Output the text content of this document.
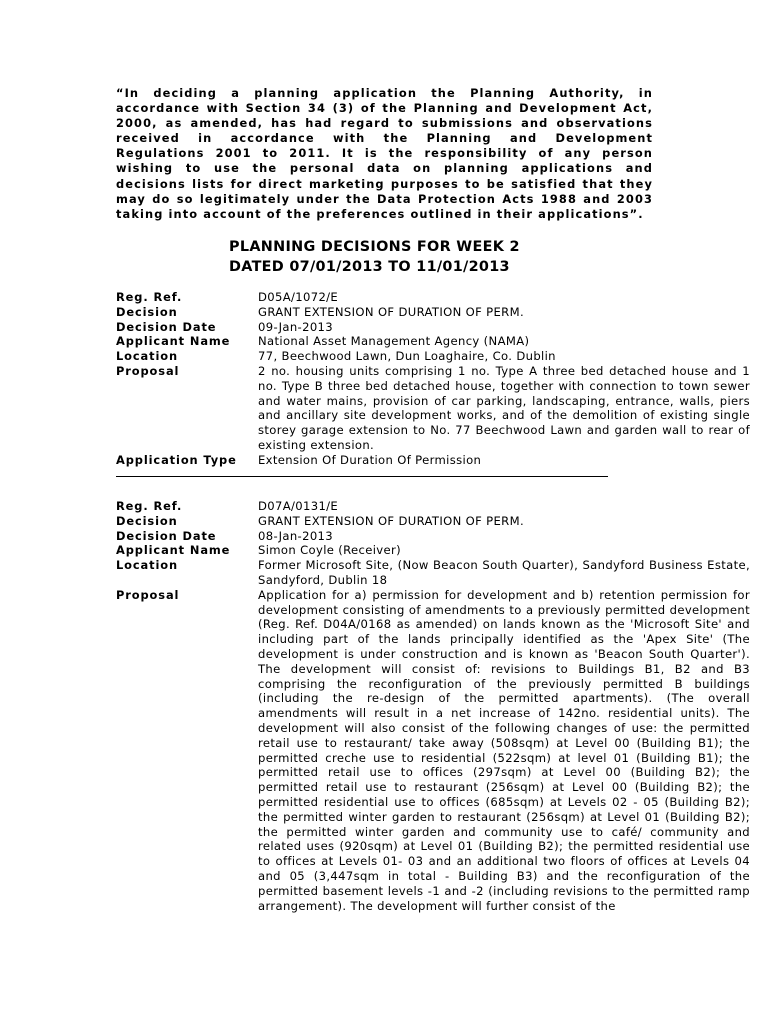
“In deciding a planning application the Planning Authority, in accordance with Section 34 (3) of the Planning and Development Act, 2000, as amended, has had regard to submissions and observations received in accordance with the Planning and Development Regulations 2001 to 2011. It is the responsibility of any person wishing to use the personal data on planning applications and decisions lists for direct marketing purposes to be satisfied that they may do so legitimately under the Data Protection Acts 1988 and 2003 taking into account of the preferences outlined in their applications”.

PLANNING DECISIONS FOR WEEK 2
DATED 07/01/2013 TO 11/01/2013
Reg. Ref.	D05A/1072/E
Decision	GRANT EXTENSION OF DURATION OF PERM.
Decision Date	09-Jan-2013
Applicant Name	National Asset Management Agency (NAMA)
Location	77, Beechwood Lawn, Dun Loaghaire, Co. Dublin
Proposal	2 no. housing units comprising 1 no. Type A three bed detached house and 1 no. Type B three bed detached house, together with connection to town sewer and water mains, provision of car parking, landscaping, entrance, walls, piers and ancillary site development works, and of the demolition of existing single storey garage extension to No. 77 Beechwood Lawn and garden wall to rear of existing extension.
Application Type	Extension Of Duration Of Permission
Reg. Ref.	D07A/0131/E
Decision	GRANT EXTENSION OF DURATION OF PERM.
Decision Date	08-Jan-2013
Applicant Name	Simon Coyle (Receiver)
Location	Former Microsoft Site, (Now Beacon South Quarter), Sandyford Business Estate, Sandyford, Dublin 18
Proposal	Application for a) permission for development and b) retention permission for development consisting of amendments to a previously permitted development (Reg. Ref. D04A/0168 as amended) on lands known as the 'Microsoft Site' and including part of the lands principally identified as the 'Apex Site' (The development is under construction and is known as 'Beacon South Quarter'). The development will consist of: revisions to Buildings B1, B2 and B3 comprising the reconfiguration of the previously permitted B buildings (including the re-design of the permitted apartments). (The overall amendments will result in a net increase of 142no. residential units). The development will also consist of the following changes of use: the permitted retail use to restaurant/ take away (508sqm) at Level 00 (Building B1); the permitted creche use to residential (522sqm) at level 01 (Building B1); the permitted retail use to offices (297sqm) at Level 00 (Building B2); the permitted retail use to restaurant (256sqm) at Level 00 (Building B2); the permitted residential use to offices (685sqm) at Levels 02 - 05 (Building B2); the permitted winter garden to restaurant (256sqm) at Level 01 (Building B2); the permitted winter garden and community use to café/ community and related uses (920sqm) at Level 01 (Building B2); the permitted residential use to offices at Levels 01- 03 and an additional two floors of offices at Levels 04 and 05 (3,447sqm in total - Building B3) and the reconfiguration of the permitted basement levels -1 and -2 (including revisions to the permitted ramp arrangement). The development will further consist of the
